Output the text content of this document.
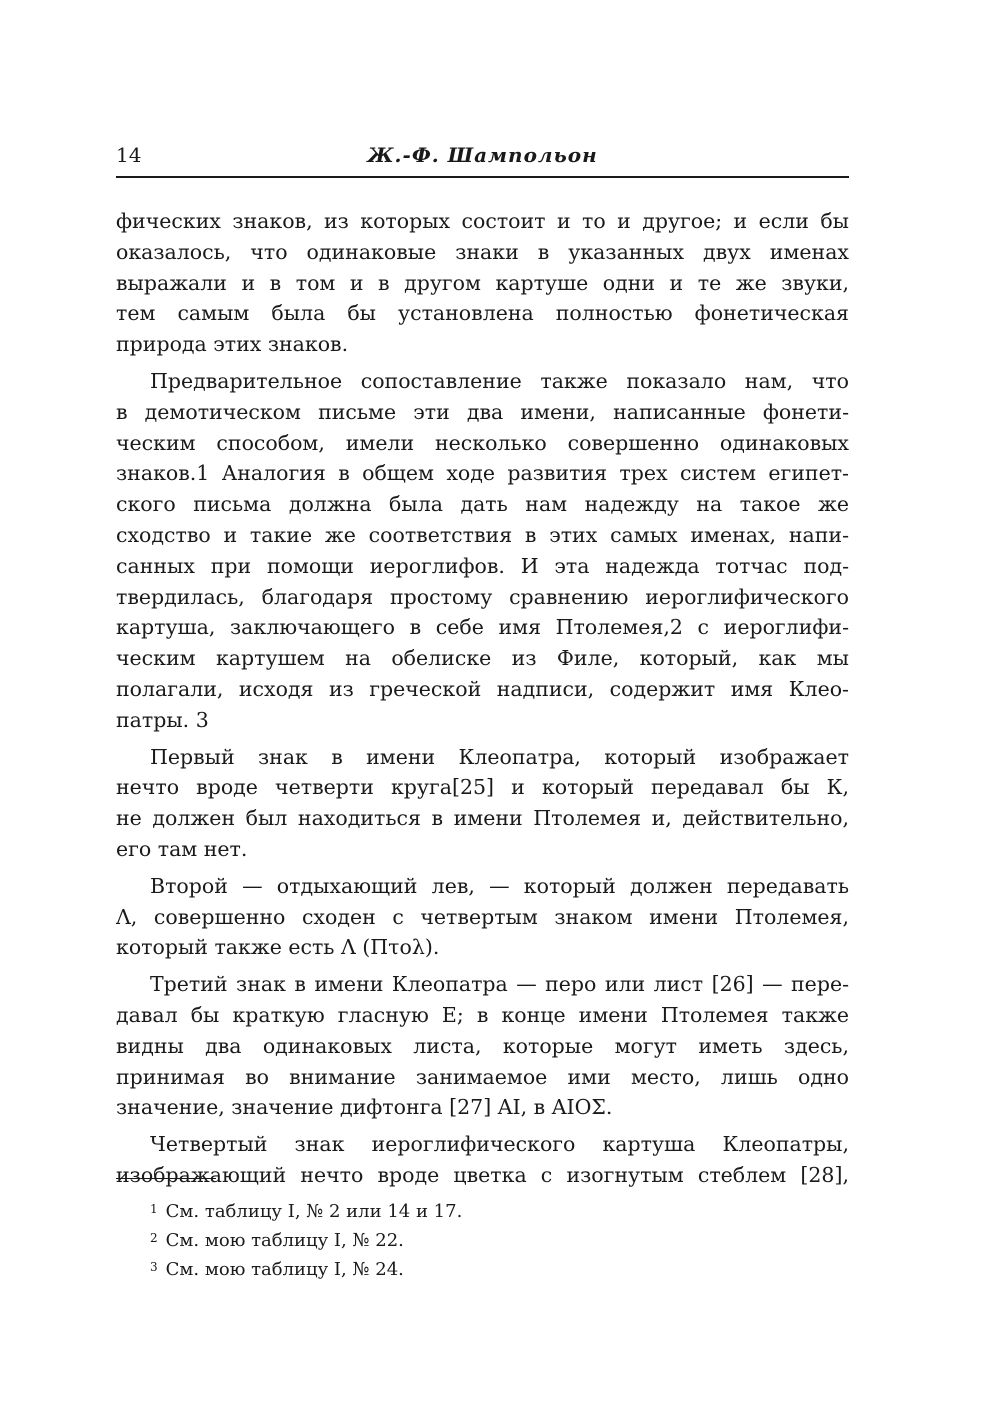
14	Ж.-Ф. Шампольон

фических знаков, из которых состоит и то и другое; и если бы
оказалось, что одинаковые знаки в указанных двух именах
выражали и в том и в другом картуше одни и те же звуки,
тем самым была бы установлена полностью фонетическая
природа этих знаков.

Предварительное сопоставление также показало нам, что
в демотическом письме эти два имени, написанные фонети-
ческим способом, имели несколько совершенно одинаковых
знаков.1 Аналогия в общем ходе развития трех систем египет-
ского письма должна была дать нам надежду на такое же
сходство и такие же соответствия в этих самых именах, напи-
санных при помощи иероглифов. И эта надежда тотчас под-
твердилась, благодаря простому сравнению иероглифического
картуша, заключающего в себе имя Птолемея,2 с иероглифи-
ческим картушем на обелиске из Филе, который, как мы
полагали, исходя из греческой надписи, содержит имя Клео-
патры. 3

Первый знак в имени Клеопатра, который изображает
нечто вроде четверти круга[25] и который передавал бы К,
не должен был находиться в имени Птолемея и, действительно,
его там нет.

Второй — отдыхающий лев, — который должен передавать
Λ, совершенно сходен с четвертым знаком имени Птолемея,
который также есть Λ (Πτολ).

Третий знак в имени Клеопатра — перо или лист [26] — пере-
давал бы краткую гласную Е; в конце имени Птолемея также
видны два одинаковых листа, которые могут иметь здесь,
принимая во внимание занимаемое ими место, лишь одно
значение, значение дифтонга [27] AI, в AIOΣ.

Четвертый знак иероглифического картуша Клеопатры,
изображающий нечто вроде цветка с изогнутым стеблем [28],

$^1$ См. таблицу I, № 2 или 14 и 17.
$^2$ См. мою таблицу I, № 22.
$^3$ См. мою таблицу I, № 24.
